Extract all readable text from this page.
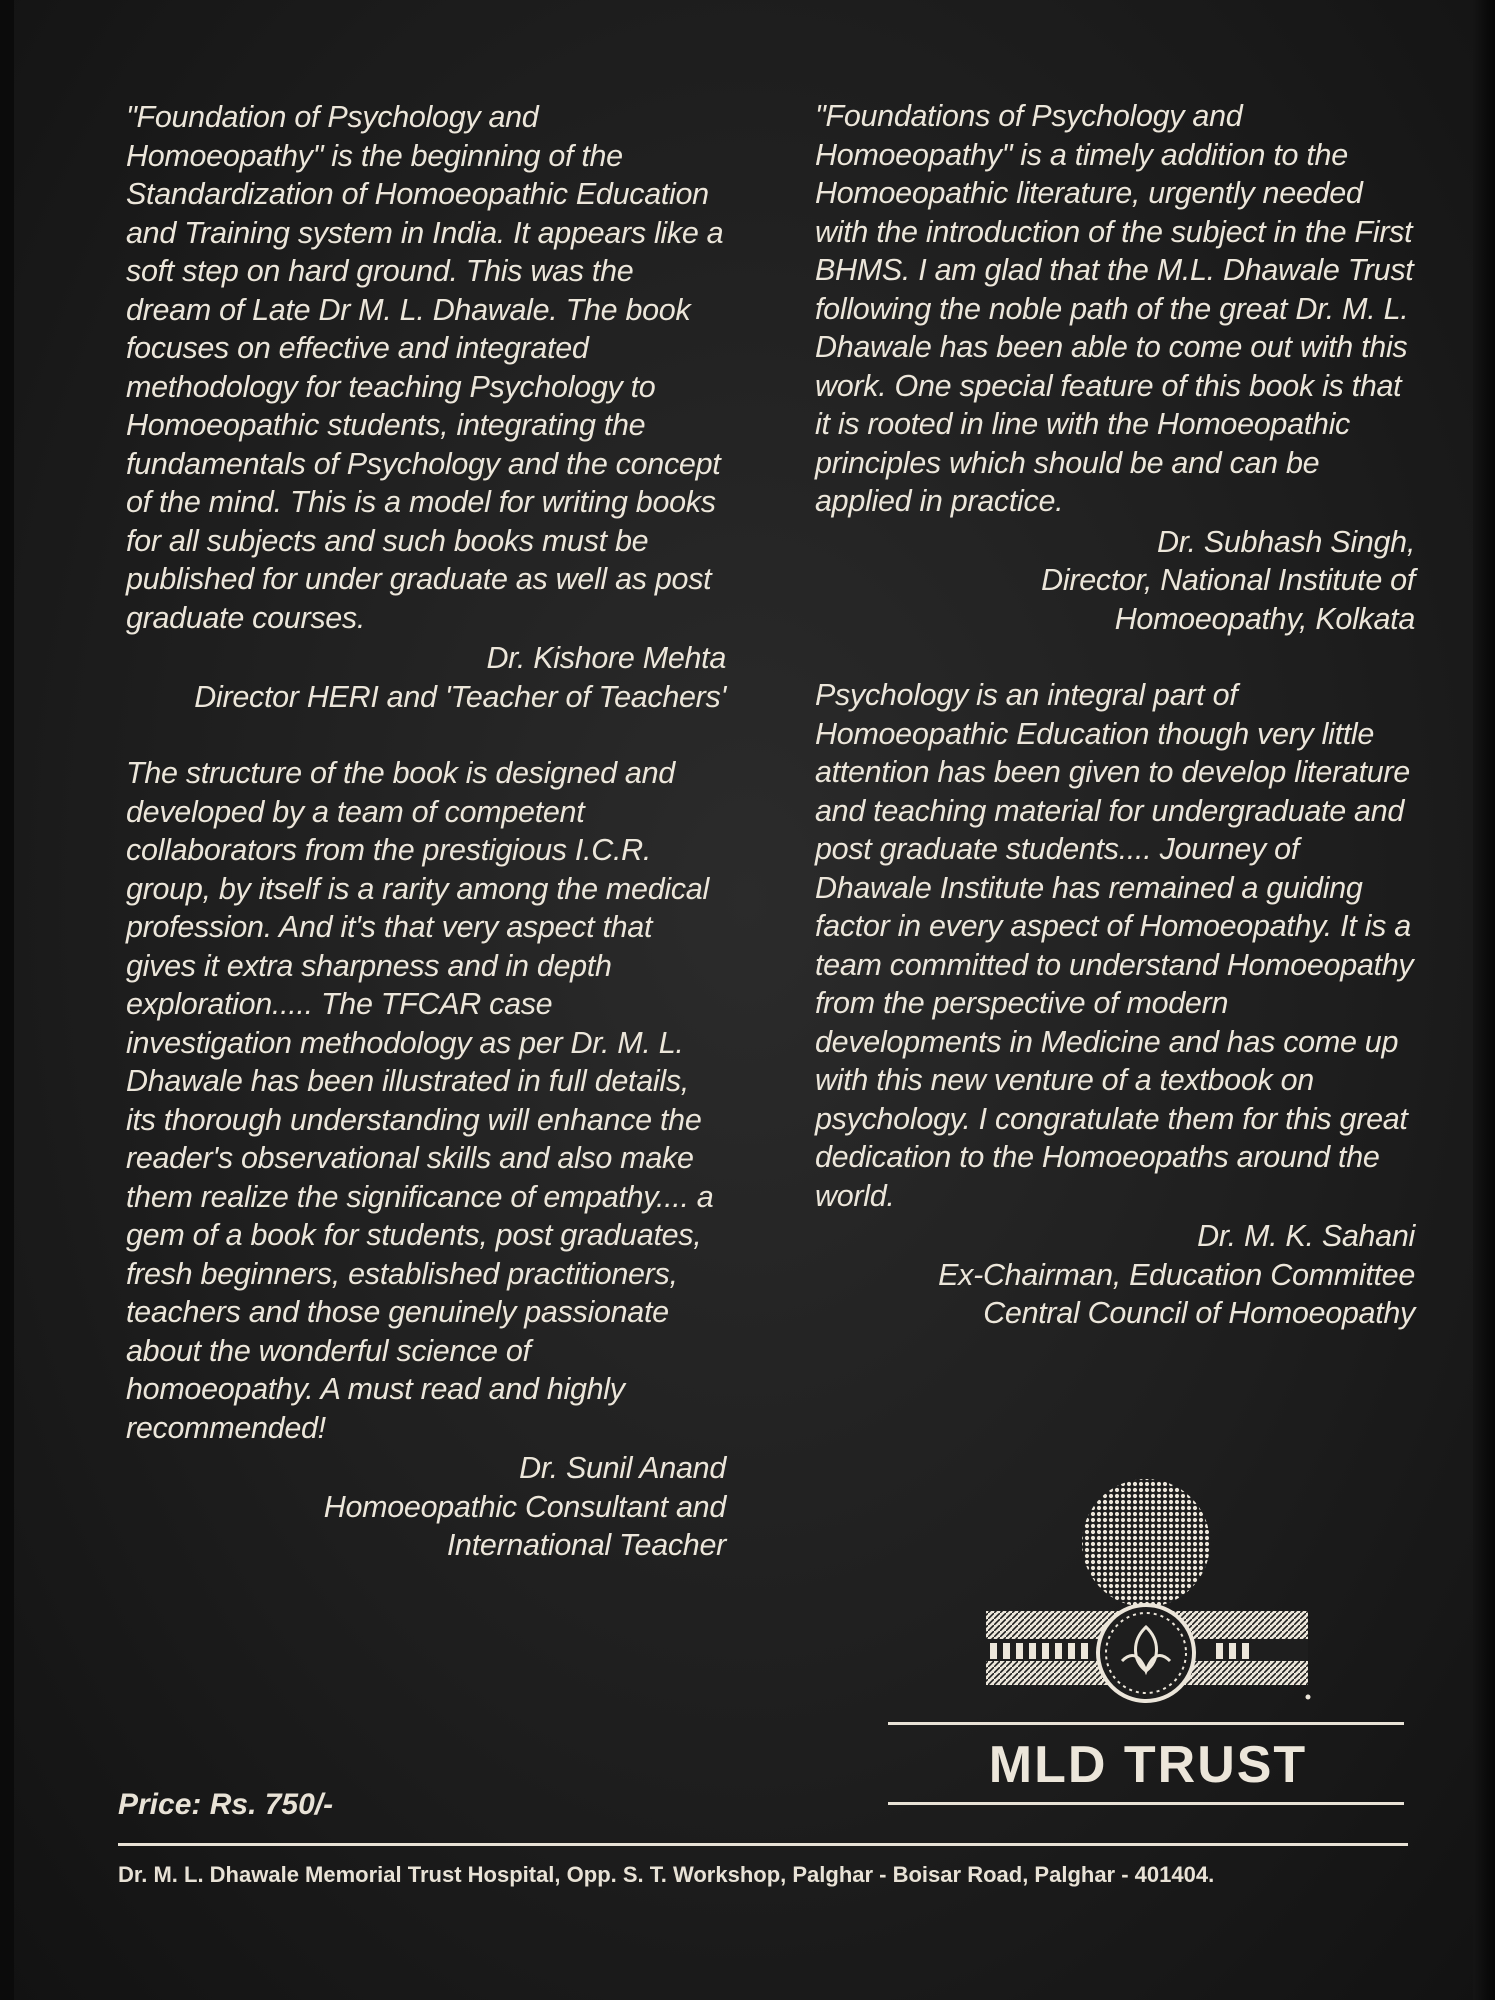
"Foundation of Psychology and Homoeopathy" is the beginning of the Standardization of Homoeopathic Education and Training system in India. It appears like a soft step on hard ground. This was the dream of Late Dr M. L. Dhawale. The book focuses on effective and integrated methodology for teaching Psychology to Homoeopathic students, integrating the fundamentals of Psychology and the concept of the mind. This is a model for writing books for all subjects and such books must be published for under graduate as well as post graduate courses.

Dr. Kishore Mehta
Director HERI and 'Teacher of Teachers'

The structure of the book is designed and developed by a team of competent collaborators from the prestigious I.C.R. group, by itself is a rarity among the medical profession. And it's that very aspect that gives it extra sharpness and in depth exploration..... The TFCAR case investigation methodology as per Dr. M. L. Dhawale has been illustrated in full details, its thorough understanding will enhance the reader's observational skills and also make them realize the significance of empathy.... a gem of a book for students, post graduates, fresh beginners, established practitioners, teachers and those genuinely passionate about the wonderful science of homoeopathy. A must read and highly recommended!

Dr. Sunil Anand
Homoeopathic Consultant and
International Teacher

"Foundations of Psychology and Homoeopathy" is a timely addition to the Homoeopathic literature, urgently needed with the introduction of the subject in the First BHMS. I am glad that the M.L. Dhawale Trust following the noble path of the great Dr. M. L. Dhawale has been able to come out with this work. One special feature of this book is that it is rooted in line with the Homoeopathic principles which should be and can be applied in practice.

Dr. Subhash Singh,
Director, National Institute of
Homoeopathy, Kolkata

Psychology is an integral part of Homoeopathic Education though very little attention has been given to develop literature and teaching material for undergraduate and post graduate students.... Journey of Dhawale Institute has remained a guiding factor in every aspect of Homoeopathy. It is a team committed to understand Homoeopathy from the perspective of modern developments in Medicine and has come up with this new venture of a textbook on psychology. I congratulate them for this great dedication to the Homoeopaths around the world.

Dr. M. K. Sahani
Ex-Chairman, Education Committee
Central Council of Homoeopathy
MLD TRUST
Price: Rs. 750/-
Dr. M. L. Dhawale Memorial Trust Hospital, Opp. S. T. Workshop, Palghar - Boisar Road, Palghar - 401404.
